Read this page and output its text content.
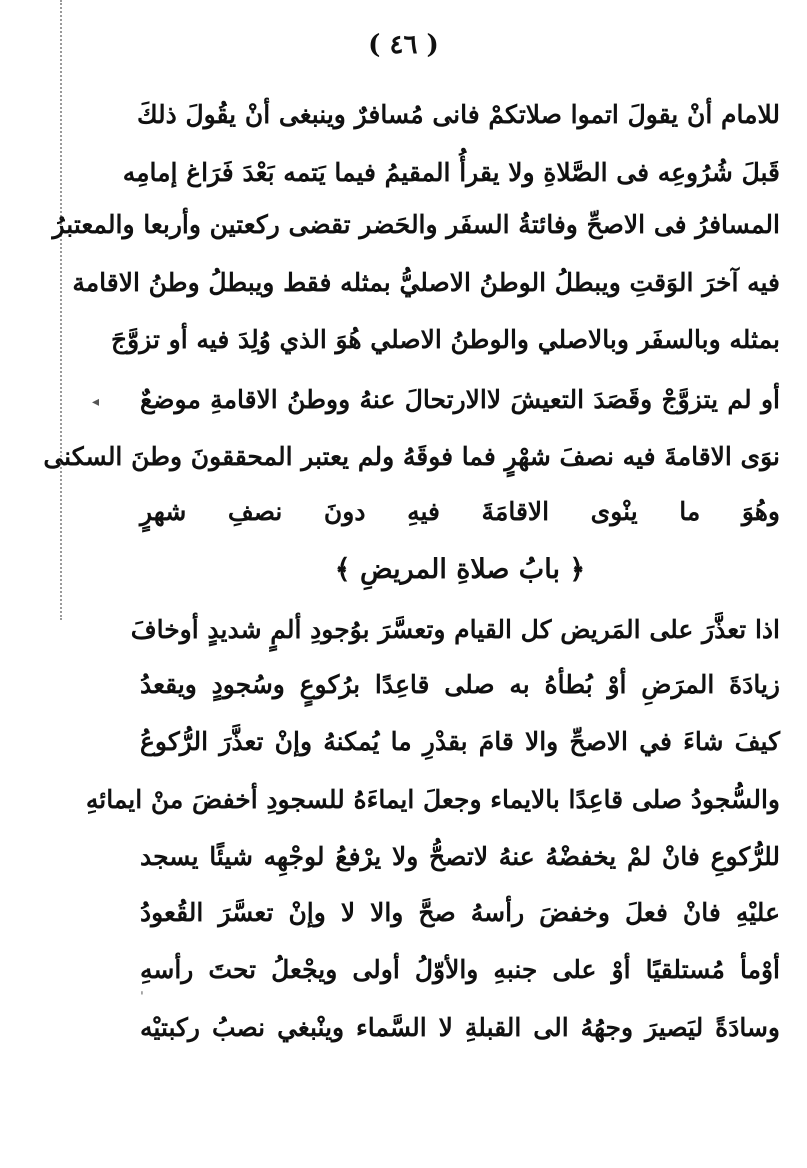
◂
ˈ
( ٤٦ )
للامام أنْ يقولَ اتموا صلاتكمْ فانى مُسافرٌ وينبغى أنْ يقُولَ ذلكَ
قَبلَ شُرُوعِه فى الصَّلاةِ ولا يقرأُ المقيمُ فيما يَتمه بَعْدَ فَرَاغ إمامِه
المسافرُ فى الاصحِّ وفائتةُ السفَر والحَضر تقضى ركعتين وأربعا والمعتبرُ
فيه آخرَ الوَقتِ ويبطلُ الوطنُ الاصليُّ بمثله فقط ويبطلُ وطنُ الاقامة
بمثله وبالسفَر وبالاصلي والوطنُ الاصلي هُوَ الذي وُلِدَ فيه أو تزوَّجَ
أو لم يتزوَّجْ وقَصَدَ التعيشَ لاالارتحالَ عنهُ ووطنُ الاقامةِ موضعٌ
نوَى الاقامةَ فيه نصفَ شهْرٍ فما فوقَهُ ولم يعتبر المحققونَ وطنَ السكنى
وهُوَ ما ينْوى الاقامَةَ فيهِ دونَ نصفِ شهرٍ
﴿ بابُ صلاةِ المريضِ ﴾
اذا تعذَّرَ على المَريض كل القيام وتعسَّرَ بوُجودِ ألمٍ شديدٍ أوخافَ
زيادَةَ المرَضِ أوْ بُطأهُ به صلى قاعِدًا برُكوعٍ وسُجودٍ ويقعدُ
كيفَ شاءَ في الاصحِّ والا قامَ بقدْرِ ما يُمكنهُ وإنْ تعذَّرَ الرُّكوعُ
والسُّجودُ صلى قاعِدًا بالايماء وجعلَ ايماءَهُ للسجودِ أخفضَ منْ ايمائهِ
للرُّكوعِ فانْ لمْ يخفضْهُ عنهُ لاتصحُّ ولا يرْفعُ لوجْهِه شيئًا يسجد
عليْهِ فانْ فعلَ وخفضَ رأسهُ صحَّ والا لا وإنْ تعسَّرَ القُعودُ
أوْمأ مُستلقيًا أوْ على جنبهِ والأوّلُ أولى ويجْعلُ تحتَ رأسهِ
وسادَةً ليَصيرَ وجهُهُ الى القبلةِ لا السَّماء وينْبغي نصبُ ركبتيْه
